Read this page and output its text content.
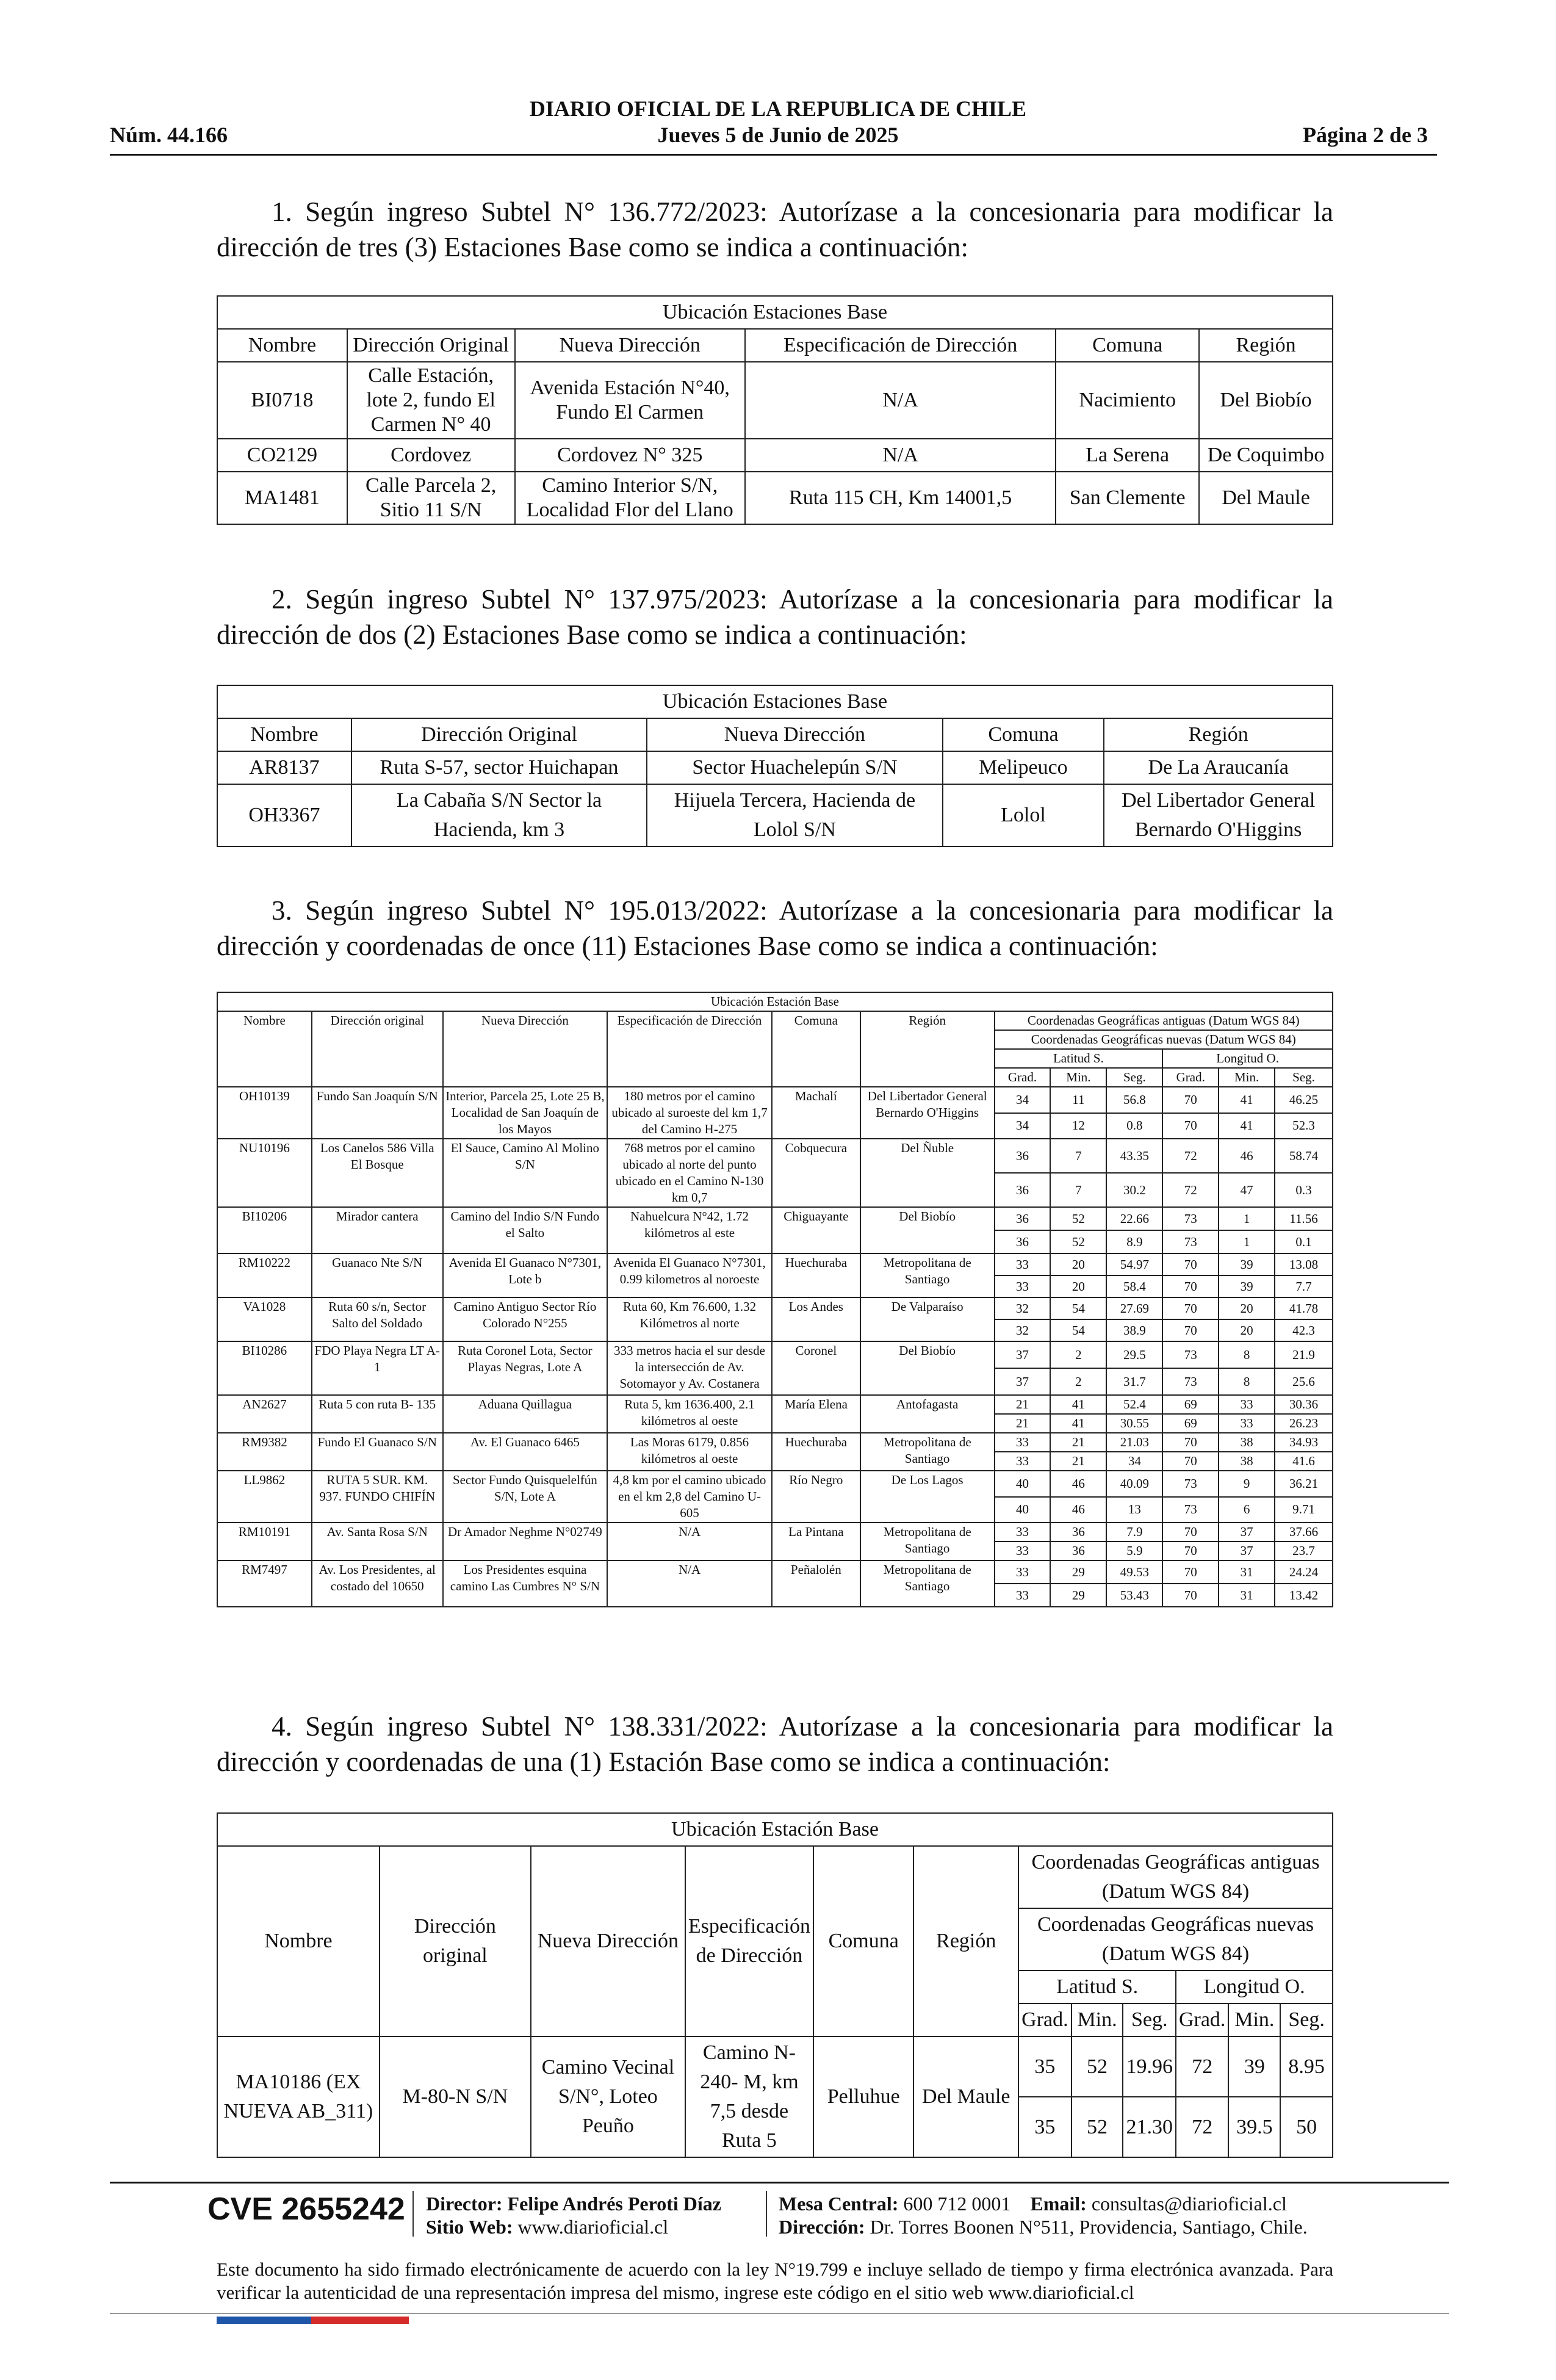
DIARIO OFICIAL DE LA REPUBLICA DE CHILE
Jueves 5 de Junio de 2025
Núm. 44.166	Página 2 de 3
1. Según ingreso Subtel N° 136.772/2023: Autorízase a la concesionaria para modificar la dirección de tres (3) Estaciones Base como se indica a continuación:
Ubicación Estaciones Base					
Nombre	Dirección Original	Nueva Dirección	Especificación de Dirección	Comuna	Región
BI0718	Calle Estación, lote 2, fundo El Carmen N° 40	Avenida Estación N°40, Fundo El Carmen	N/A	Nacimiento	Del Biobío
CO2129	Cordovez	Cordovez N° 325	N/A	La Serena	De Coquimbo
MA1481	Calle Parcela 2, Sitio 11 S/N	Camino Interior S/N, Localidad Flor del Llano	Ruta 115 CH, Km 14001,5	San Clemente	Del Maule
2. Según ingreso Subtel N° 137.975/2023: Autorízase a la concesionaria para modificar la dirección de dos (2) Estaciones Base como se indica a continuación:
Ubicación Estaciones Base				
Nombre	Dirección Original	Nueva Dirección	Comuna	Región
AR8137	Ruta S-57, sector Huichapan	Sector Huachelepún S/N	Melipeuco	De La Araucanía
OH3367	La Cabaña S/N Sector la Hacienda, km 3	Hijuela Tercera, Hacienda de Lolol S/N	Lolol	Del Libertador General Bernardo O'Higgins
3. Según ingreso Subtel N° 195.013/2022: Autorízase a la concesionaria para modificar la dirección y coordenadas de once (11) Estaciones Base como se indica a continuación:
Ubicación Estación Base											
Nombre	Dirección original	Nueva Dirección	Especificación de Dirección	Comuna	Región	Coordenadas Geográficas antiguas (Datum WGS 84)					
						Coordenadas Geográficas nuevas (Datum WGS 84)					
						Latitud S.			Longitud O.		
						Grad.	Min.	Seg.	Grad.	Min.	Seg.
OH10139	Fundo San Joaquín S/N	Interior, Parcela 25, Lote 25 B, Localidad de San Joaquín de los Mayos	180 metros por el camino ubicado al suroeste del km 1,7 del Camino H-275	Machalí	Del Libertador General Bernardo O'Higgins	34	11	56.8	70	41	46.25
						34	12	0.8	70	41	52.3
NU10196	Los Canelos 586 Villa El Bosque	El Sauce, Camino Al Molino S/N	768 metros por el camino ubicado al norte del punto ubicado en el Camino N-130 km 0,7	Cobquecura	Del Ñuble	36	7	43.35	72	46	58.74
						36	7	30.2	72	47	0.3
BI10206	Mirador cantera	Camino del Indio S/N Fundo el Salto	Nahuelcura N°42, 1.72 kilómetros al este	Chiguayante	Del Biobío	36	52	22.66	73	1	11.56
						36	52	8.9	73	1	0.1
RM10222	Guanaco Nte S/N	Avenida El Guanaco N°7301, Lote b	Avenida El Guanaco N°7301, 0.99 kilometros al noroeste	Huechuraba	Metropolitana de Santiago	33	20	54.97	70	39	13.08
						33	20	58.4	70	39	7.7
VA1028	Ruta 60 s/n, Sector Salto del Soldado	Camino Antiguo Sector Río Colorado N°255	Ruta 60, Km 76.600, 1.32 Kilómetros al norte	Los Andes	De Valparaíso	32	54	27.69	70	20	41.78
						32	54	38.9	70	20	42.3
BI10286	FDO Playa Negra LT A-1	Ruta Coronel Lota, Sector Playas Negras, Lote A	333 metros hacia el sur desde la intersección de Av. Sotomayor y Av. Costanera	Coronel	Del Biobío	37	2	29.5	73	8	21.9
						37	2	31.7	73	8	25.6
AN2627	Ruta 5 con ruta B- 135	Aduana Quillagua	Ruta 5, km 1636.400, 2.1 kilómetros al oeste	María Elena	Antofagasta	21	41	52.4	69	33	30.36
						21	41	30.55	69	33	26.23
RM9382	Fundo El Guanaco S/N	Av. El Guanaco 6465	Las Moras 6179, 0.856 kilómetros al oeste	Huechuraba	Metropolitana de Santiago	33	21	21.03	70	38	34.93
						33	21	34	70	38	41.6
LL9862	RUTA 5 SUR. KM. 937. FUNDO CHIFÍN	Sector Fundo Quisquelelfún S/N, Lote A	4,8 km por el camino ubicado en el km 2,8 del Camino U-605	Río Negro	De Los Lagos	40	46	40.09	73	9	36.21
						40	46	13	73	6	9.71
RM10191	Av. Santa Rosa S/N	Dr Amador Neghme N°02749	N/A	La Pintana	Metropolitana de Santiago	33	36	7.9	70	37	37.66
						33	36	5.9	70	37	23.7
RM7497	Av. Los Presidentes, al costado del 10650	Los Presidentes esquina camino Las Cumbres N° S/N	N/A	Peñalolén	Metropolitana de Santiago	33	29	49.53	70	31	24.24
						33	29	53.43	70	31	13.42
4. Según ingreso Subtel N° 138.331/2022: Autorízase a la concesionaria para modificar la dirección y coordenadas de una (1) Estación Base como se indica a continuación:
Ubicación Estación Base											
Nombre	Dirección original	Nueva Dirección	Especificación de Dirección	Comuna	Región	Coordenadas Geográficas antiguas (Datum WGS 84)					
						Coordenadas Geográficas nuevas (Datum WGS 84)					
						Latitud S.			Longitud O.		
						Grad.	Min.	Seg.	Grad.	Min.	Seg.
MA10186 (EX NUEVA AB_311)	M-80-N S/N	Camino Vecinal S/N°, Loteo Peuño	Camino N-240- M, km 7,5 desde Ruta 5	Pelluhue	Del Maule	35	52	19.96	72	39	8.95
						35	52	21.30	72	39.5	50
CVE 2655242 Director: Felipe Andrés Peroti Díaz
Sitio Web: www.diarioficial.cl
Mesa Central: 600 712 0001 Email: consultas@diarioficial.cl
Dirección: Dr. Torres Boonen N°511, Providencia, Santiago, Chile.
Este documento ha sido firmado electrónicamente de acuerdo con la ley N°19.799 e incluye sellado de tiempo y firma electrónica avanzada. Para verificar la autenticidad de una representación impresa del mismo, ingrese este código en el sitio web www.diarioficial.cl
